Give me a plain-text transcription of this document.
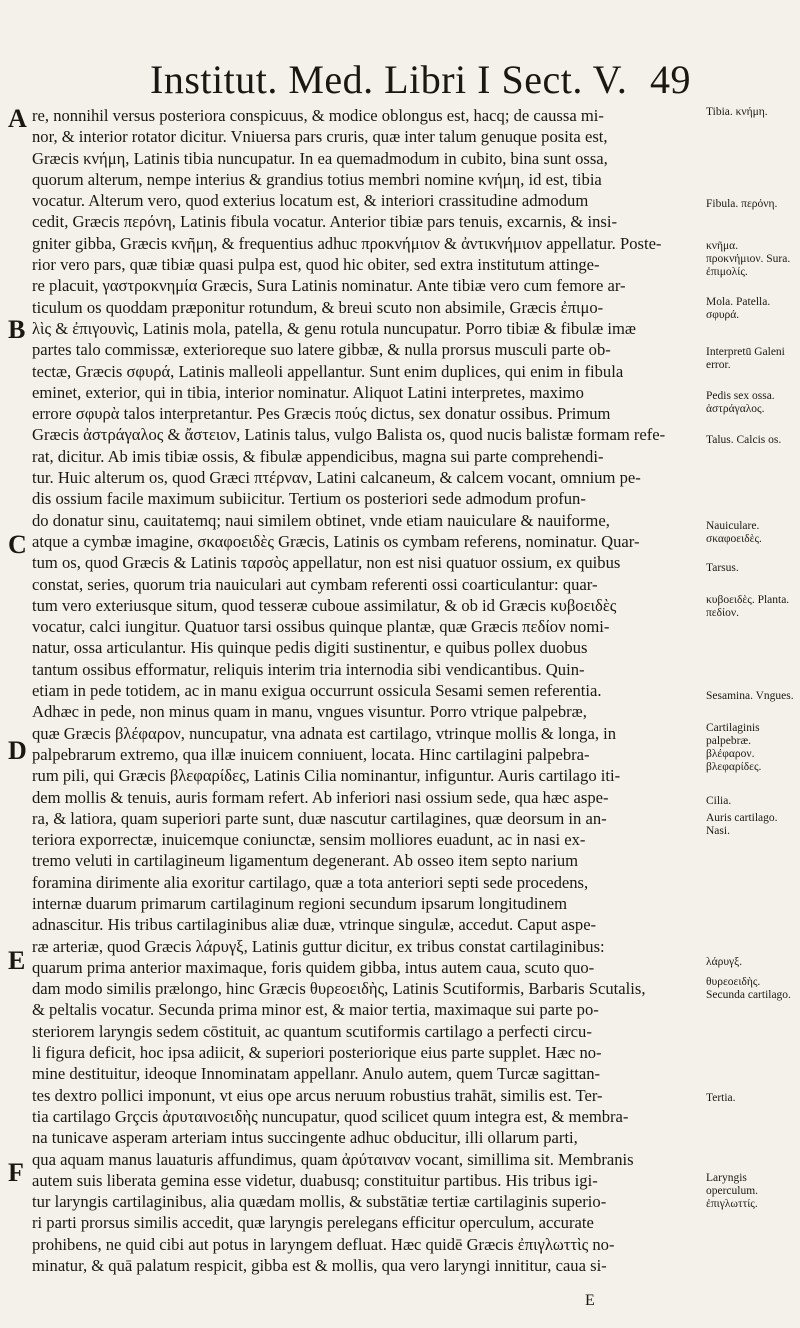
Institut. Med. Libri I Sect. V. 49
A
B
C
D
E
F
re, nonnihil versus posteriora conspicuus, & modice oblongus est, hacq; de caussa mi-
nor, & interior rotator dicitur. Vniuersa pars cruris, quæ inter talum genuque posita est,
Græcis κνήμη, Latinis tibia nuncupatur. In ea quemadmodum in cubito, bina sunt ossa,
quorum alterum, nempe interius & grandius totius membri nomine κνήμη, id est, tibia
vocatur. Alterum vero, quod exterius locatum est, & interiori crassitudine admodum
cedit, Græcis περόνη, Latinis fibula vocatur. Anterior tibiæ pars tenuis, excarnis, & insi-
gniter gibba, Græcis κνῆμη, & frequentius adhuc προκνήμιον & ἀντικνήμιον appellatur. Poste-
rior vero pars, quæ tibiæ quasi pulpa est, quod hic obiter, sed extra institutum attinge-
re placuit, γαστροκνημία Græcis, Sura Latinis nominatur. Ante tibiæ vero cum femore ar-
ticulum os quoddam præponitur rotundum, & breui scuto non absimile, Græcis ἐπιμο-
λὶς & ἐπιγουνὶς, Latinis mola, patella, & genu rotula nuncupatur. Porro tibiæ & fibulæ imæ
partes talo commissæ, exterioreque suo latere gibbæ, & nulla prorsus musculi parte ob-
tectæ, Græcis σφυρά, Latinis malleoli appellantur. Sunt enim duplices, qui enim in fibula
eminet, exterior, qui in tibia, interior nominatur. Aliquot Latini interpretes, maximo
errore σφυρὰ talos interpretantur. Pes Græcis πούς dictus, sex donatur ossibus. Primum
Græcis ἀστράγαλος & ἄστειον, Latinis talus, vulgo Balista os, quod nucis balistæ formam refe-
rat, dicitur. Ab imis tibiæ ossis, & fibulæ appendicibus, magna sui parte comprehendi-
tur. Huic alterum os, quod Græci πτέρναν, Latini calcaneum, & calcem vocant, omnium pe-
dis ossium facile maximum subiicitur. Tertium os posteriori sede admodum profun-
do donatur sinu, cauitatemq; naui similem obtinet, vnde etiam nauiculare & nauiforme,
atque a cymbæ imagine, σκαφοειδὲς Græcis, Latinis os cymbam referens, nominatur. Quar-
tum os, quod Græcis & Latinis ταρσὸς appellatur, non est nisi quatuor ossium, ex quibus
constat, series, quorum tria nauiculari aut cymbam referenti ossi coarticulantur: quar-
tum vero exteriusque situm, quod tesseræ cuboue assimilatur, & ob id Græcis κυβοειδὲς
vocatur, calci iungitur. Quatuor tarsi ossibus quinque plantæ, quæ Græcis πεδίον nomi-
natur, ossa articulantur. His quinque pedis digiti sustinentur, e quibus pollex duobus
tantum ossibus efformatur, reliquis interim tria internodia sibi vendicantibus. Quin-
etiam in pede totidem, ac in manu exigua occurrunt ossicula Sesami semen referentia.
Adhæc in pede, non minus quam in manu, vngues visuntur. Porro vtrique palpebræ,
quæ Græcis βλέφαρον, nuncupatur, vna adnata est cartilago, vtrinque mollis & longa, in
palpebrarum extremo, qua illæ inuicem conniuent, locata. Hinc cartilagini palpebra-
rum pili, qui Græcis βλεφαρίδες, Latinis Cilia nominantur, infiguntur. Auris cartilago iti-
dem mollis & tenuis, auris formam refert. Ab inferiori nasi ossium sede, qua hæc aspe-
ra, & latiora, quam superiori parte sunt, duæ nascutur cartilagines, quæ deorsum in an-
teriora exporrectæ, inuicemque coniunctæ, sensim molliores euadunt, ac in nasi ex-
tremo veluti in cartilagineum ligamentum degenerant. Ab osseo item septo narium
foramina dirimente alia exoritur cartilago, quæ a tota anteriori septi sede procedens,
internæ duarum primarum cartilaginum regioni secundum ipsarum longitudinem
adnascitur. His tribus cartilaginibus aliæ duæ, vtrinque singulæ, accedut. Caput aspe-
ræ arteriæ, quod Græcis λάρυγξ, Latinis guttur dicitur, ex tribus constat cartilaginibus:
quarum prima anterior maximaque, foris quidem gibba, intus autem caua, scuto quo-
dam modo similis prælongo, hinc Græcis θυρεοειδὴς, Latinis Scutiformis, Barbaris Scutalis,
& peltalis vocatur. Secunda prima minor est, & maior tertia, maximaque sui parte po-
steriorem laryngis sedem cōstituit, ac quantum scutiformis cartilago a perfecti circu-
li figura deficit, hoc ipsa adiicit, & superiori posteriorique eius parte supplet. Hæc no-
mine destituitur, ideoque Innominatam appellanr. Anulo autem, quem Turcæ sagittan-
tes dextro pollici imponunt, vt eius ope arcus neruum robustius trahāt, similis est. Ter-
tia cartilago Grçcis ἀρυταινοειδὴς nuncupatur, quod scilicet quum integra est, & membra-
na tunicave asperam arteriam intus succingente adhuc obducitur, illi ollarum parti,
qua aquam manus lauaturis affundimus, quam ἀρύταιναν vocant, simillima sit. Membranis
autem suis liberata gemina esse videtur, duabusq; constituitur partibus. His tribus igi-
tur laryngis cartilaginibus, alia quædam mollis, & substātiæ tertiæ cartilaginis superio-
ri parti prorsus similis accedit, quæ laryngis perelegans efficitur operculum, accurate
prohibens, ne quid cibi aut potus in laryngem defluat. Hæc quidē Græcis ἐπιγλωττὶς no-
minatur, & quā palatum respicit, gibba est & mollis, qua vero laryngi innititur, caua si-
Tibia. κνήμη.
Fibula. περόνη.
κνῆμα. προκνήμιον. Sura. ἐπιμολίς.
Mola. Patella. σφυρά.
Interpretū Galeni error.
Pedis sex ossa. ἀστράγαλος.
Talus. Calcis os.
Nauiculare. σκαφοειδὲς.
Tarsus.
κυβοειδὲς. Planta. πεδίον.
Sesamina. Vngues.
Cartilaginis palpebræ. βλέφαρον. βλεφαρίδες.
Cilia.
Auris cartilago. Nasi.
λάρυγξ.
θυρεοειδὴς. Secunda cartilago.
Tertia.
Laryngis operculum. ἐπιγλωττίς.
E
